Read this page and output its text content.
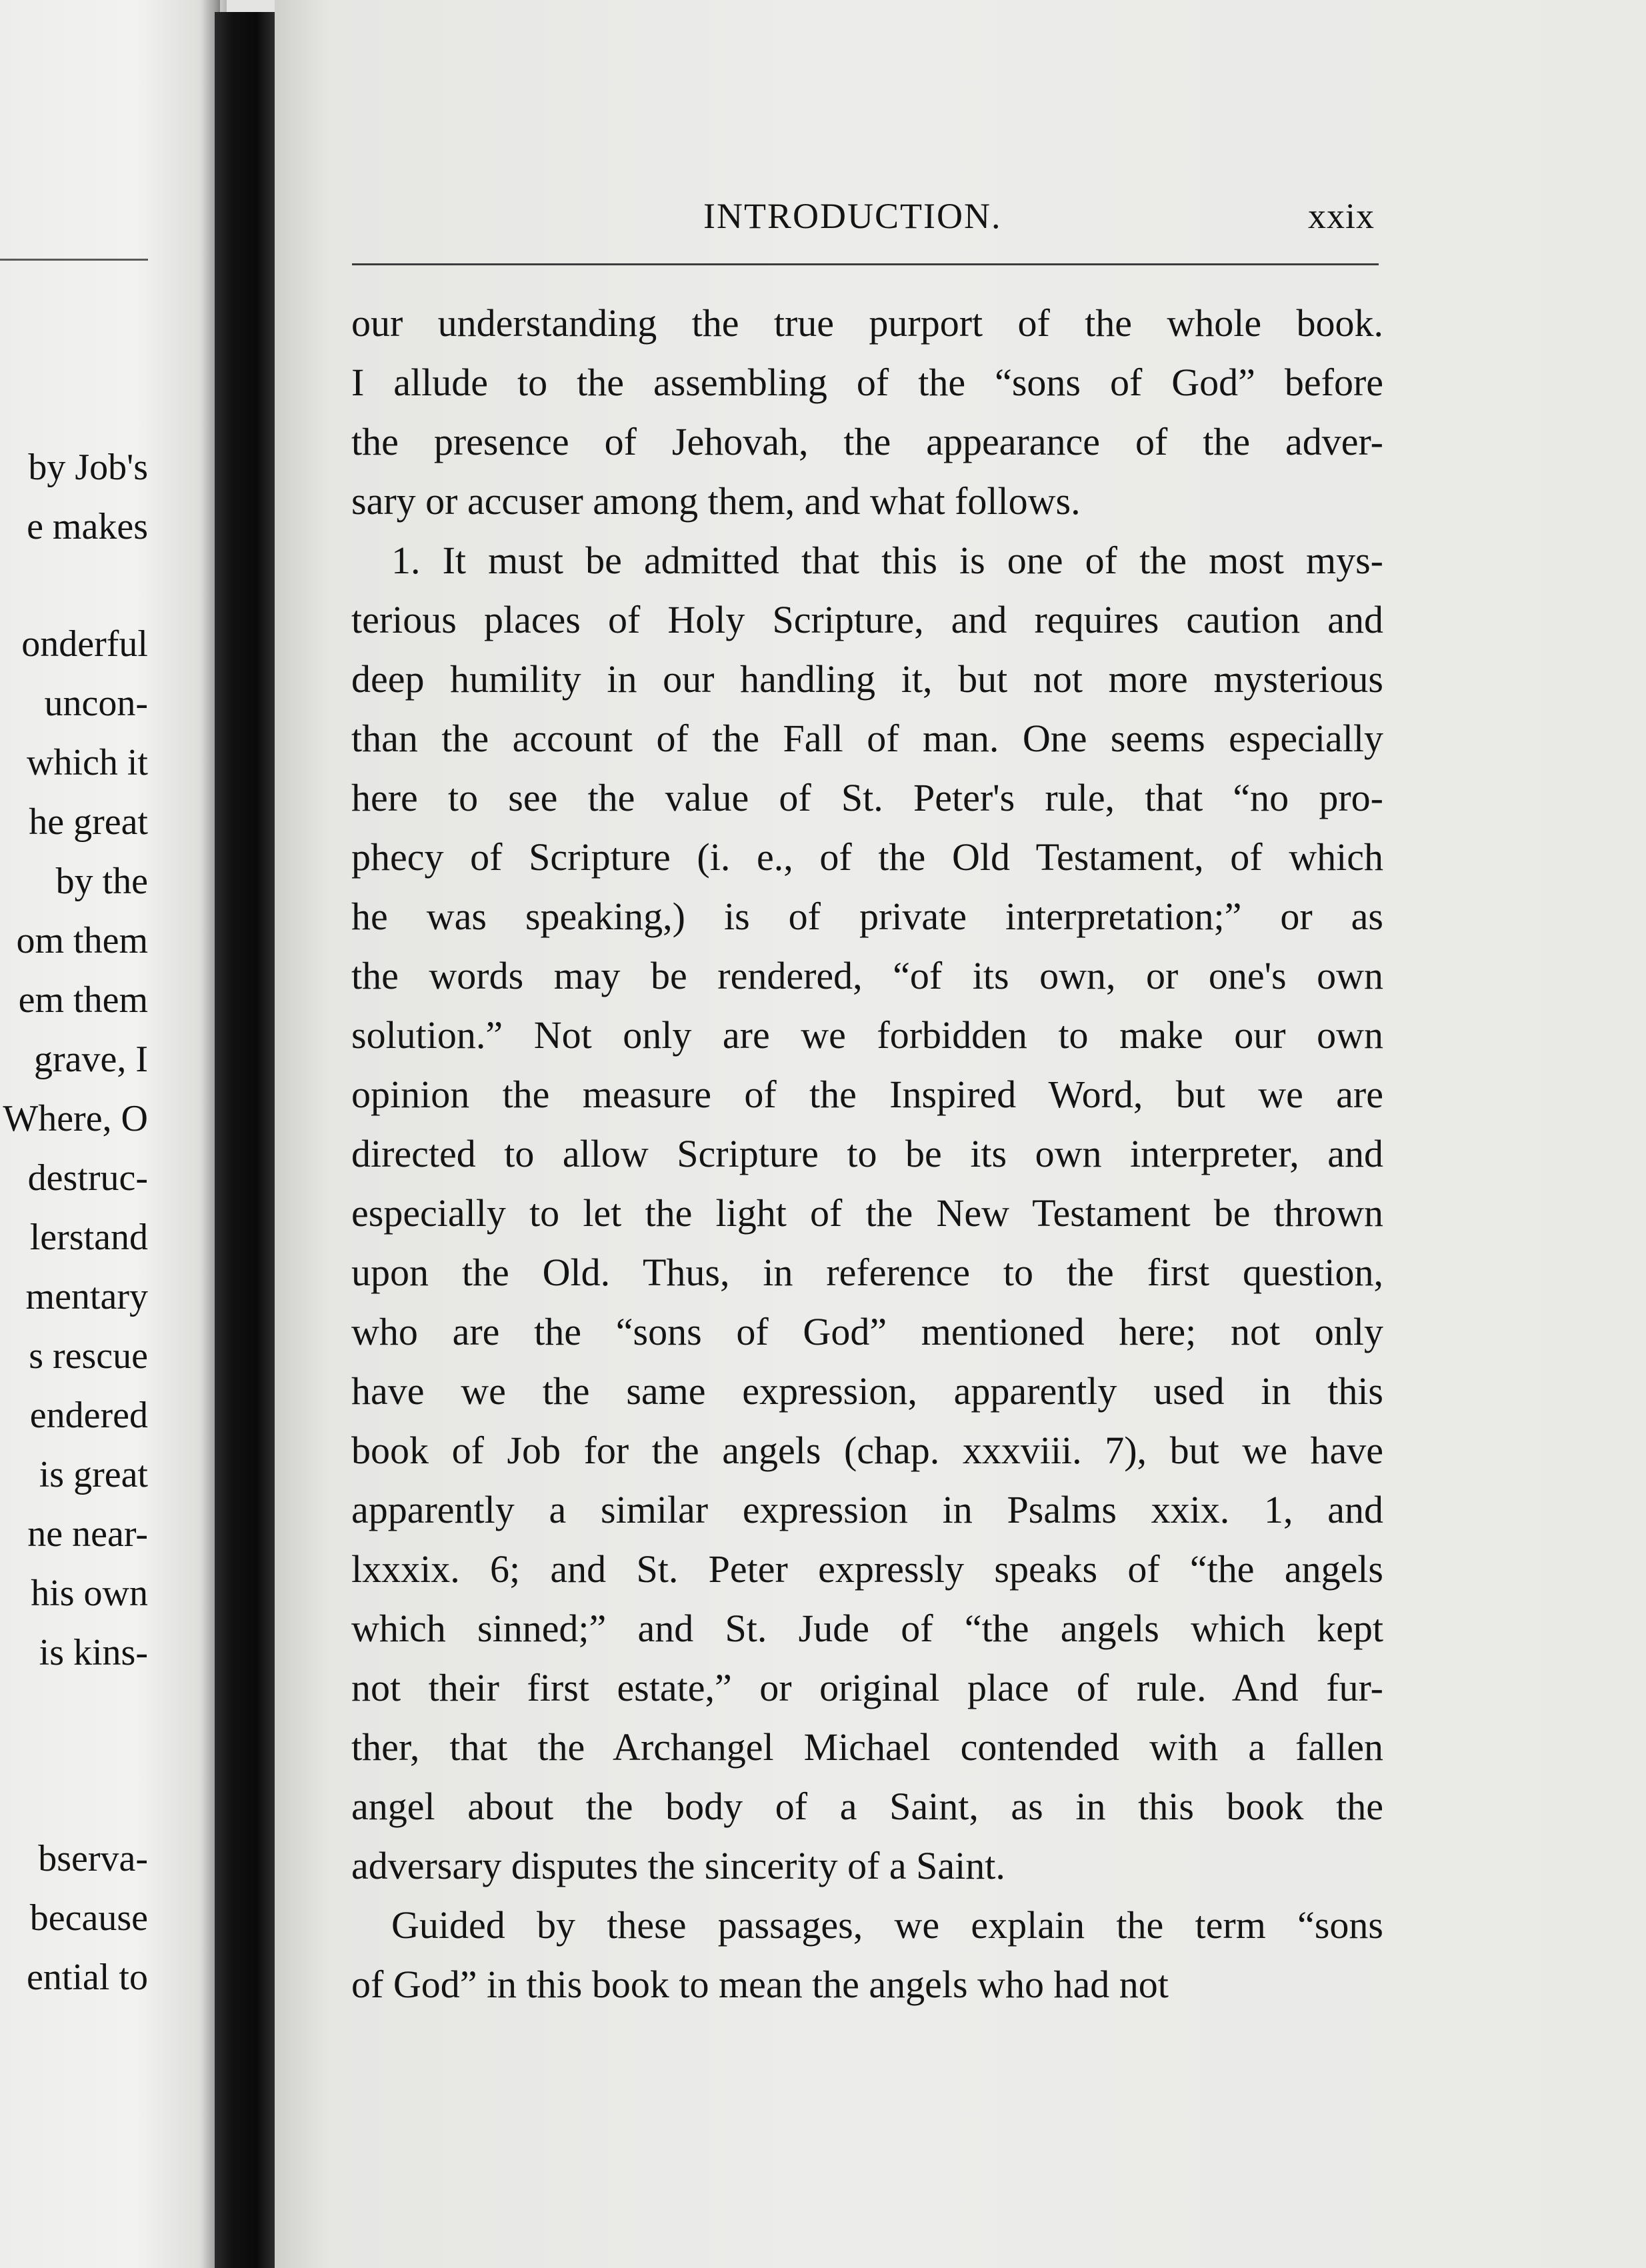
by Job's
e makes
onderful
uncon-
which it
he great
by the
om them
em them
grave, I
Where, O
destruc-
lerstand
mentary
s rescue
endered
is great
ne near-
his own
is kins-
bserva-
because
ential to
INTRODUCTION.	xxix
our understanding the true purport of the whole book.
I allude to the assembling of the “sons of God” before
the presence of Jehovah, the appearance of the adver-
sary or accuser among them, and what follows.
1. It must be admitted that this is one of the most mys-
terious places of Holy Scripture, and requires caution and
deep humility in our handling it, but not more mysterious
than the account of the Fall of man. One seems especially
here to see the value of St. Peter's rule, that “no pro-
phecy of Scripture (i. e., of the Old Testament, of which
he was speaking,) is of private interpretation;” or as
the words may be rendered, “of its own, or one's own
solution.” Not only are we forbidden to make our own
opinion the measure of the Inspired Word, but we are
directed to allow Scripture to be its own interpreter, and
especially to let the light of the New Testament be thrown
upon the Old. Thus, in reference to the first question,
who are the “sons of God” mentioned here; not only
have we the same expression, apparently used in this
book of Job for the angels (chap. xxxviii. 7), but we have
apparently a similar expression in Psalms xxix. 1, and
lxxxix. 6; and St. Peter expressly speaks of “the angels
which sinned;” and St. Jude of “the angels which kept
not their first estate,” or original place of rule. And fur-
ther, that the Archangel Michael contended with a fallen
angel about the body of a Saint, as in this book the
adversary disputes the sincerity of a Saint.
Guided by these passages, we explain the term “sons
of God” in this book to mean the angels who had not
